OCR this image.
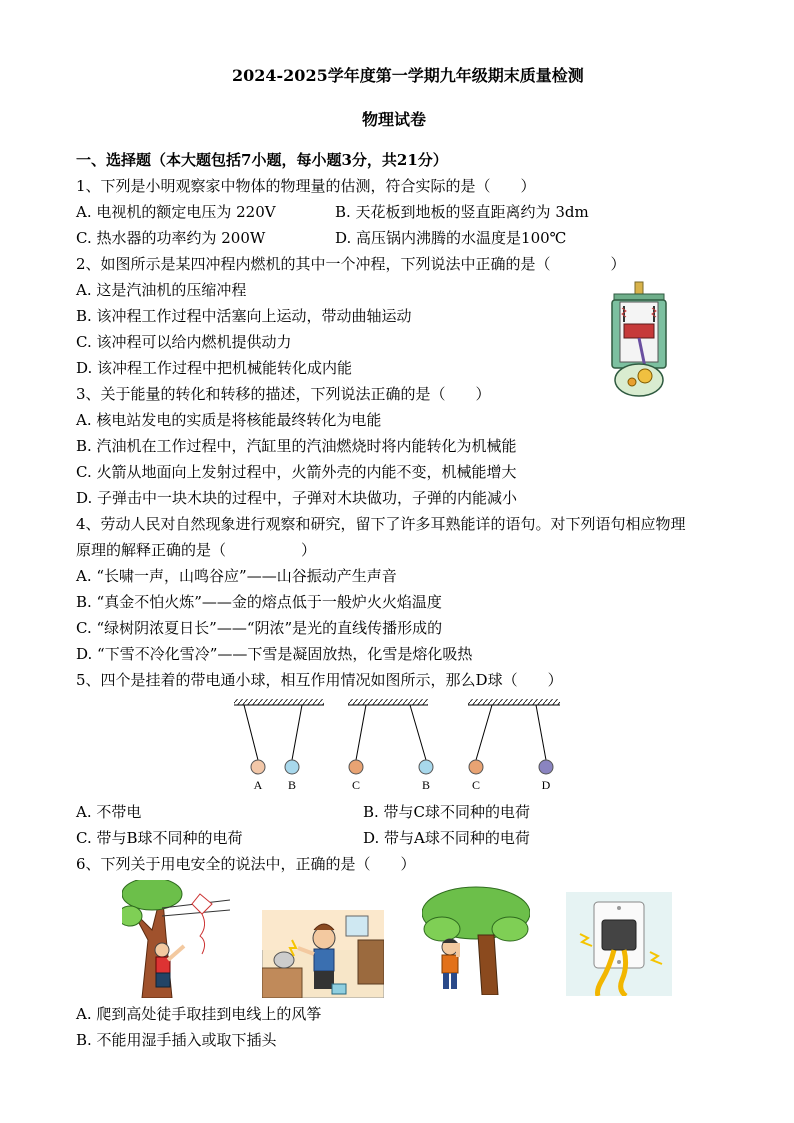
2024-2025学年度第一学期九年级期末质量检测
物理试卷
一、选择题（本大题包括7小题，每小题3分，共21分）
1、下列是小明观察家中物体的物理量的估测，符合实际的是（　　）
A. 电视机的额定电压为 220V	B. 天花板到地板的竖直距离约为 3dm
C. 热水器的功率约为 200W	D. 高压锅内沸腾的水温度是100℃
2、如图所示是某四冲程内燃机的其中一个冲程，下列说法中正确的是（　　　　）
A. 这是汽油机的压缩冲程
B. 该冲程工作过程中活塞向上运动，带动曲轴运动
C. 该冲程可以给内燃机提供动力
D. 该冲程工作过程中把机械能转化成内能
3、关于能量的转化和转移的描述，下列说法正确的是（　　）
A. 核电站发电的实质是将核能最终转化为电能
B. 汽油机在工作过程中，汽缸里的汽油燃烧时将内能转化为机械能
C. 火箭从地面向上发射过程中，火箭外壳的内能不变，机械能增大
D. 子弹击中一块木块的过程中，子弹对木块做功，子弹的内能减小
4、劳动人民对自然现象进行观察和研究，留下了许多耳熟能详的语句。对下列语句相应物理
原理的解释正确的是（　　　　　）
A. “长啸一声，山鸣谷应”——山谷振动产生声音
B. “真金不怕火炼”——金的熔点低于一般炉火火焰温度
C. “绿树阴浓夏日长”——“阴浓”是光的直线传播形成的
D. “下雪不冷化雪冷”——下雪是凝固放热，化雪是熔化吸热
5、四个是挂着的带电通小球，相互作用情况如图所示，那么D球（　　）
A B	C	B	C	D
A. 不带电	B. 带与C球不同种的电荷
C. 带与B球不同种的电荷	D. 带与A球不同种的电荷
6、下列关于用电安全的说法中，正确的是（　　）
A. 爬到高处徒手取挂到电线上的风筝
B. 不能用湿手插入或取下插头
